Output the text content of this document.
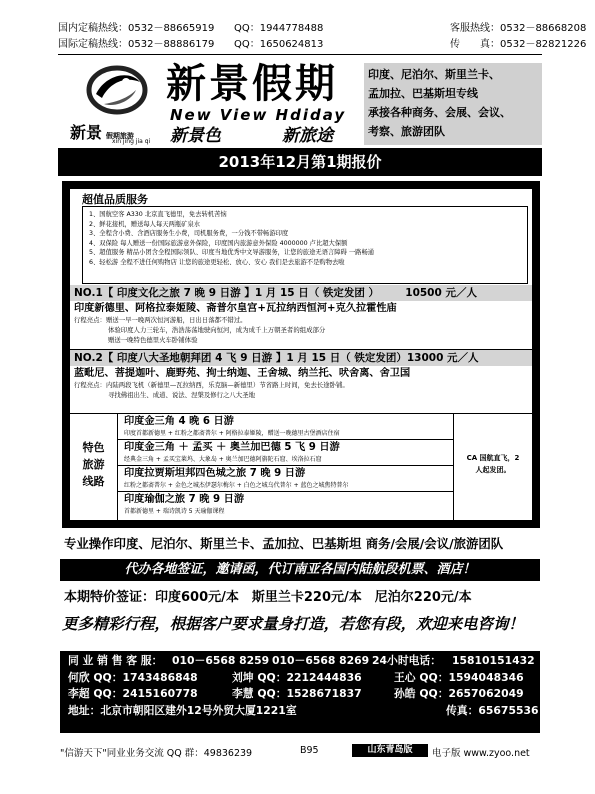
国内定稿热线：0532－88665919 QQ：1944778488	客服热线：0532－88668208
国际定稿热线：0532－88886179 QQ：1650624813	传　　真：0532－82821226
新景 假期旅游
xin jing jia qi
新景假期
New View Hdiday
新景色	新旅途
印度、尼泊尔、斯里兰卡、
孟加拉、巴基斯坦专线
承接各种商务、会展、会议、
考察、旅游团队
2013年12月第1期报价
超值品质服务
1、国航空客 A330 北京直飞德里，免去转机苦恼
2、鲜花接机，赠送每人每天两瓶矿泉水
3、全程含小费、含酒店服务生小费，司机服务费，一分钱不带畅游印度
4、双保险 每人赠送一份国际旅游意外保险，印度国内旅游意外保险 4000000 卢比超大保额
5、超值服务 精品小团含全程国际领队、印度当地优秀中文导游服务，让您的旅途无语言障碍 一路畅通
6、轻松游 全程不进任何购物店 让您的旅途更轻松、放心、安心 我们是去旅游不是购物去啦
NO.1【 印度文化之旅 7 晚 9 日游 】1 月 15 日（ 铁定发团 ）　　　10500 元／人
印度新德里、阿格拉泰姬陵、斋普尔皇宫+瓦拉纳西恒河+克久拉霍性庙
行程亮点：赠送一早一晚两次恒河游船，日出日落都不错过。
体验印度人力三轮车，浩浩荡荡地驶向恒河，成为成千上万朝圣者的组成部分
赠送一晚特色德里火车卧铺体验
NO.2【 印度八大圣地朝拜团 4 飞 9 日游 】1 月 15 日（ 铁定发团）13000 元／人
蓝毗尼、菩提迦叶、鹿野苑、拘士纳迦、王舍城、纳兰托、吠舍离、舍卫国
行程亮点：内陆两段飞机（新德里—瓦拉纳西，乐克脑—新德里）节省路上时间，免去长途卧铺。
寻找佛祖出生、成道、说法、涅槃及修行之八大圣地
特色
旅游
线路
印度金三角 4 晚 6 日游
印度首都新德里 + 红粉之都斋普尔 + 阿格拉泰姬陵，赠送一晚德里古堡酒店住宿
印度金三角 ＋ 孟买 ＋ 奥兰加巴德 5 飞 9 日游
经典金三角 + 孟买宝莱坞、大象岛 + 奥兰加巴德阿旃陀石窟、埃洛拉石窟
印度拉贾斯坦邦四色城之旅 7 晚 9 日游
红粉之都斋普尔 + 金色之城杰伊瑟尔梅尔 + 白色之城乌代普尔 + 蓝色之城焦特普尔
印度瑜伽之旅 7 晚 9 日游
首都新德里 + 瑞诗凯诗 5 天瑜伽课程
CA 国航直飞，2
人起发团。
专业操作印度、尼泊尔、斯里兰卡、孟加拉、巴基斯坦 商务/会展/会议/旅游团队
代办各地签证，邀请函，代订南亚各国内陆航段机票、酒店！
本期特价签证：印度600元/本　斯里兰卡220元/本　尼泊尔220元/本
更多精彩行程，根据客户要求量身打造，若您有段，欢迎来电咨询！
同 业 销 售 客 服： 010－6568 8259 010－6568 8269 24小时电话： 15810151432
何欣 QQ：1743486848	刘坤 QQ：2212444836	王心 QQ：1594048346
李超 QQ：2415160778	李慧 QQ：1528671837	孙皓 QQ：2657062049
地址：北京市朝阳区建外12号外贸大厦1221室	传真：65675536
"信游天下"同业业务交流 QQ 群：49836239	B95	山东青岛版	电子版 www.zyoo.net
